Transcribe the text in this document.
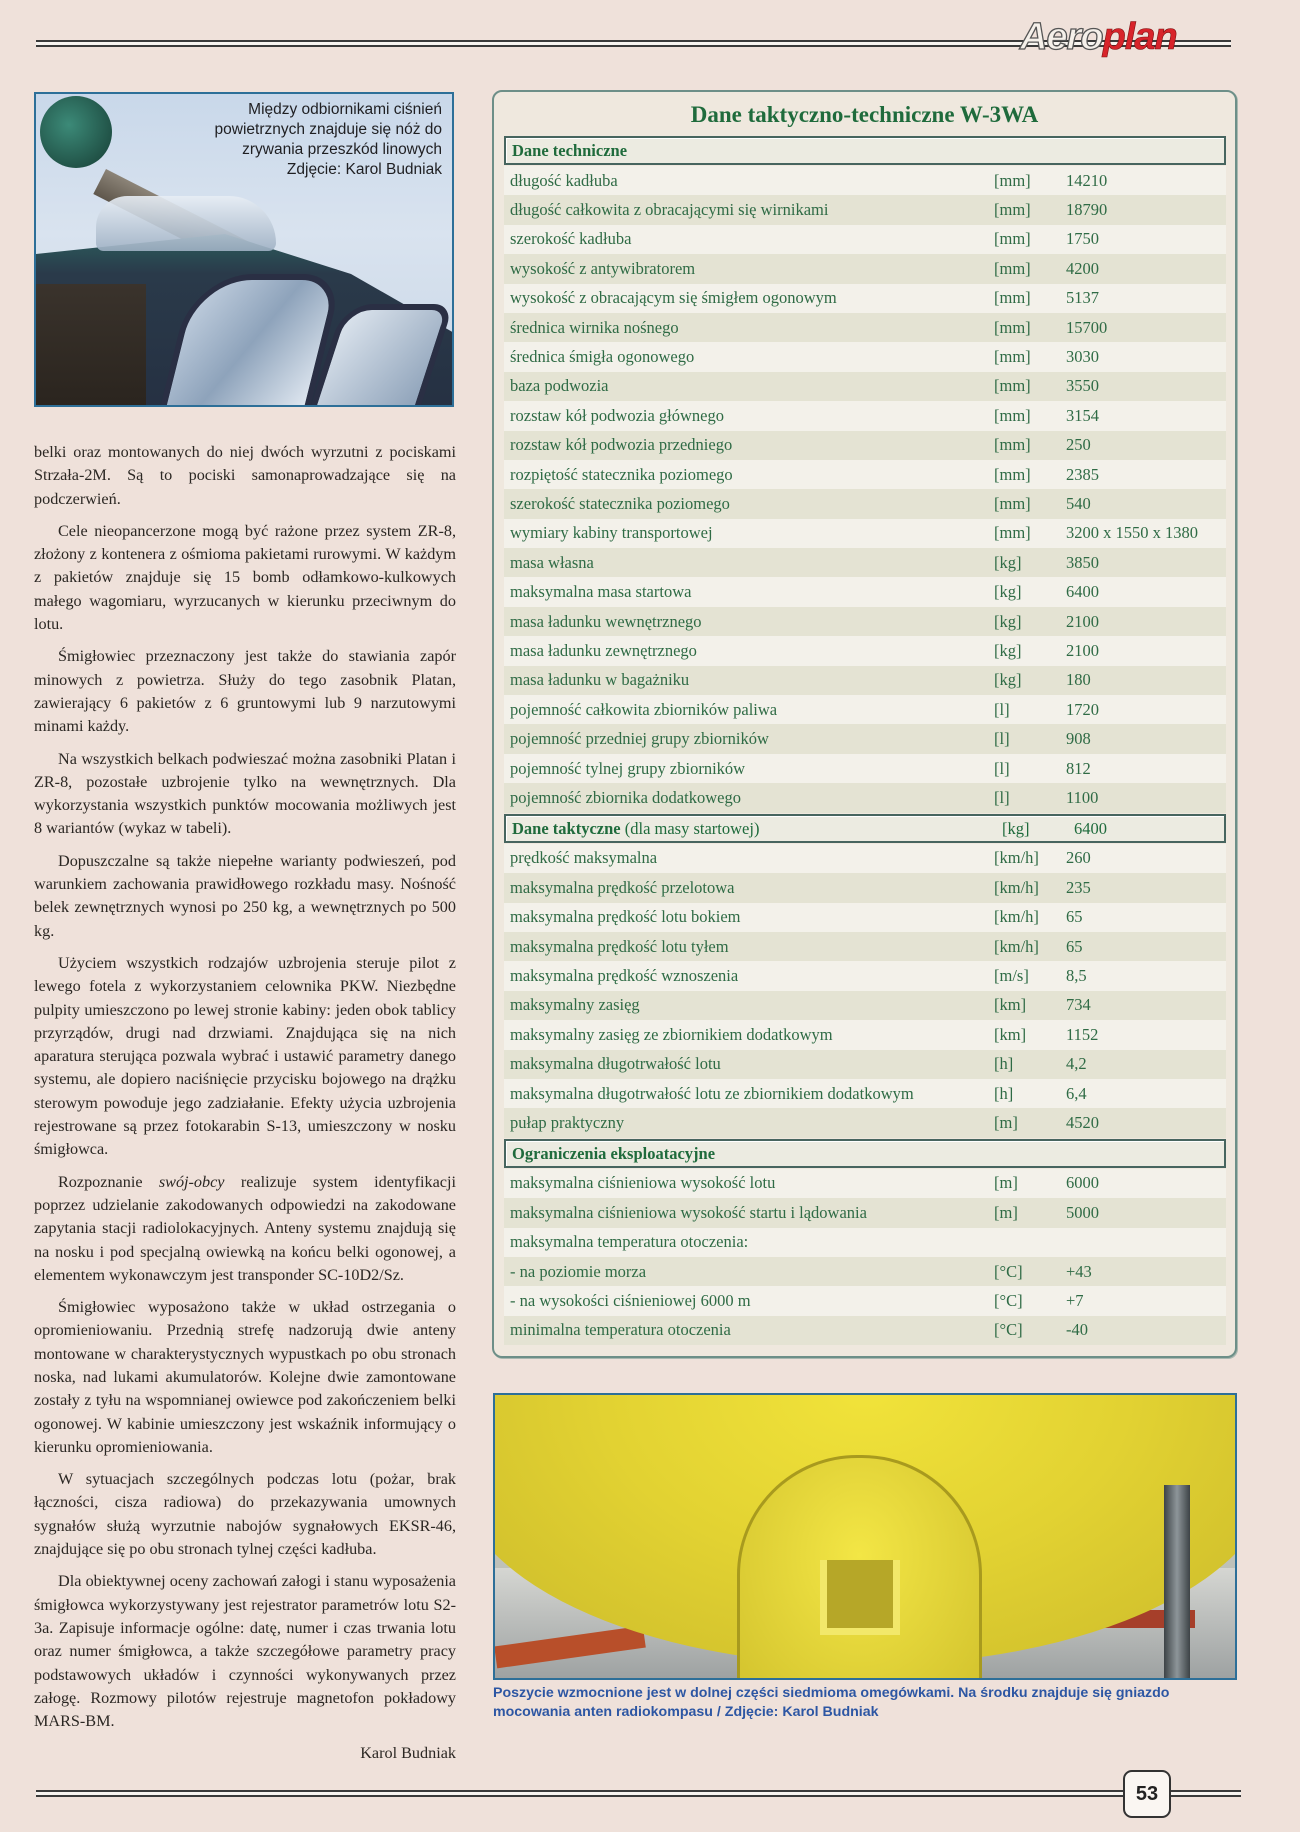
Aeroplan
Między odbiornikami ciśnień
powietrznych znajduje się nóż do
zrywania przeszkód linowych
Zdjęcie: Karol Budniak

belki oraz montowanych do niej dwóch wyrzutni z pociskami Strzała-2M. Są to pociski samonaprowadzające się na podczerwień.

Cele nieopancerzone mogą być rażone przez system ZR-8, złożony z kontenera z ośmioma pakietami rurowymi. W każdym z pakietów znajduje się 15 bomb odłamkowo-kulkowych małego wagomiaru, wyrzucanych w kierunku przeciwnym do lotu.

Śmigłowiec przeznaczony jest także do stawiania zapór minowych z powietrza. Służy do tego zasobnik Platan, zawierający 6 pakietów z 6 gruntowymi lub 9 narzutowymi minami każdy.

Na wszystkich belkach podwieszać można zasobniki Platan i ZR-8, pozostałe uzbrojenie tylko na wewnętrznych. Dla wykorzystania wszystkich punktów mocowania możliwych jest 8 wariantów (wykaz w tabeli).

Dopuszczalne są także niepełne warianty podwieszeń, pod warunkiem zachowania prawidłowego rozkładu masy. Nośność belek zewnętrznych wynosi po 250 kg, a wewnętrznych po 500 kg.

Użyciem wszystkich rodzajów uzbrojenia steruje pilot z lewego fotela z wykorzystaniem celownika PKW. Niezbędne pulpity umieszczono po lewej stronie kabiny: jeden obok tablicy przyrządów, drugi nad drzwiami. Znajdująca się na nich aparatura sterująca pozwala wybrać i ustawić parametry danego systemu, ale dopiero naciśnięcie przycisku bojowego na drążku sterowym powoduje jego zadziałanie. Efekty użycia uzbrojenia rejestrowane są przez fotokarabin S-13, umieszczony w nosku śmigłowca.

Rozpoznanie swój-obcy realizuje system identyfikacji poprzez udzielanie zakodowanych odpowiedzi na zakodowane zapytania stacji radiolokacyjnych. Anteny systemu znajdują się na nosku i pod specjalną owiewką na końcu belki ogonowej, a elementem wykonawczym jest transponder SC-10D2/Sz.

Śmigłowiec wyposażono także w układ ostrzegania o opromieniowaniu. Przednią strefę nadzorują dwie anteny montowane w charakterystycznych wypustkach po obu stronach noska, nad lukami akumulatorów. Kolejne dwie zamontowane zostały z tyłu na wspomnianej owiewce pod zakończeniem belki ogonowej. W kabinie umieszczony jest wskaźnik informujący o kierunku opromieniowania.

W sytuacjach szczególnych podczas lotu (pożar, brak łączności, cisza radiowa) do przekazywania umownych sygnałów służą wyrzutnie nabojów sygnałowych EKSR-46, znajdujące się po obu stronach tylnej części kadłuba.

Dla obiektywnej oceny zachowań załogi i stanu wyposażenia śmigłowca wykorzystywany jest rejestrator parametrów lotu S2-3a. Zapisuje informacje ogólne: datę, numer i czas trwania lotu oraz numer śmigłowca, a także szczegółowe parametry pracy podstawowych układów i czynności wykonywanych przez załogę. Rozmowy pilotów rejestruje magnetofon pokładowy MARS-BM.

Karol Budniak

Dane taktyczno-techniczne W-3WA
Dane techniczne
długość kadłuba	[mm]	14210
długość całkowita z obracającymi się wirnikami	[mm]	18790
szerokość kadłuba	[mm]	1750
wysokość z antywibratorem	[mm]	4200
wysokość z obracającym się śmigłem ogonowym	[mm]	5137
średnica wirnika nośnego	[mm]	15700
średnica śmigła ogonowego	[mm]	3030
baza podwozia	[mm]	3550
rozstaw kół podwozia głównego	[mm]	3154
rozstaw kół podwozia przedniego	[mm]	250
rozpiętość statecznika poziomego	[mm]	2385
szerokość statecznika poziomego	[mm]	540
wymiary kabiny transportowej	[mm]	3200 x 1550 x 1380
masa własna	[kg]	3850
maksymalna masa startowa	[kg]	6400
masa ładunku wewnętrznego	[kg]	2100
masa ładunku zewnętrznego	[kg]	2100
masa ładunku w bagażniku	[kg]	180
pojemność całkowita zbiorników paliwa	[l]	1720
pojemność przedniej grupy zbiorników	[l]	908
pojemność tylnej grupy zbiorników	[l]	812
pojemność zbiornika dodatkowego	[l]	1100
Dane taktyczne (dla masy startowej)	[kg]	6400
prędkość maksymalna	[km/h]	260
maksymalna prędkość przelotowa	[km/h]	235
maksymalna prędkość lotu bokiem	[km/h]	65
maksymalna prędkość lotu tyłem	[km/h]	65
maksymalna prędkość wznoszenia	[m/s]	8,5
maksymalny zasięg	[km]	734
maksymalny zasięg ze zbiornikiem dodatkowym	[km]	1152
maksymalna długotrwałość lotu	[h]	4,2
maksymalna długotrwałość lotu ze zbiornikiem dodatkowym	[h]	6,4
pułap praktyczny	[m]	4520
Ograniczenia eksploatacyjne
maksymalna ciśnieniowa wysokość lotu	[m]	6000
maksymalna ciśnieniowa wysokość startu i lądowania	[m]	5000
maksymalna temperatura otoczenia:
- na poziomie morza	[°C]	+43
- na wysokości ciśnieniowej 6000 m	[°C]	+7
minimalna temperatura otoczenia	[°C]	-40
Poszycie wzmocnione jest w dolnej części siedmioma omegówkami. Na środku znajduje się gniazdo mocowania anten radiokompasu / Zdjęcie: Karol Budniak
53
